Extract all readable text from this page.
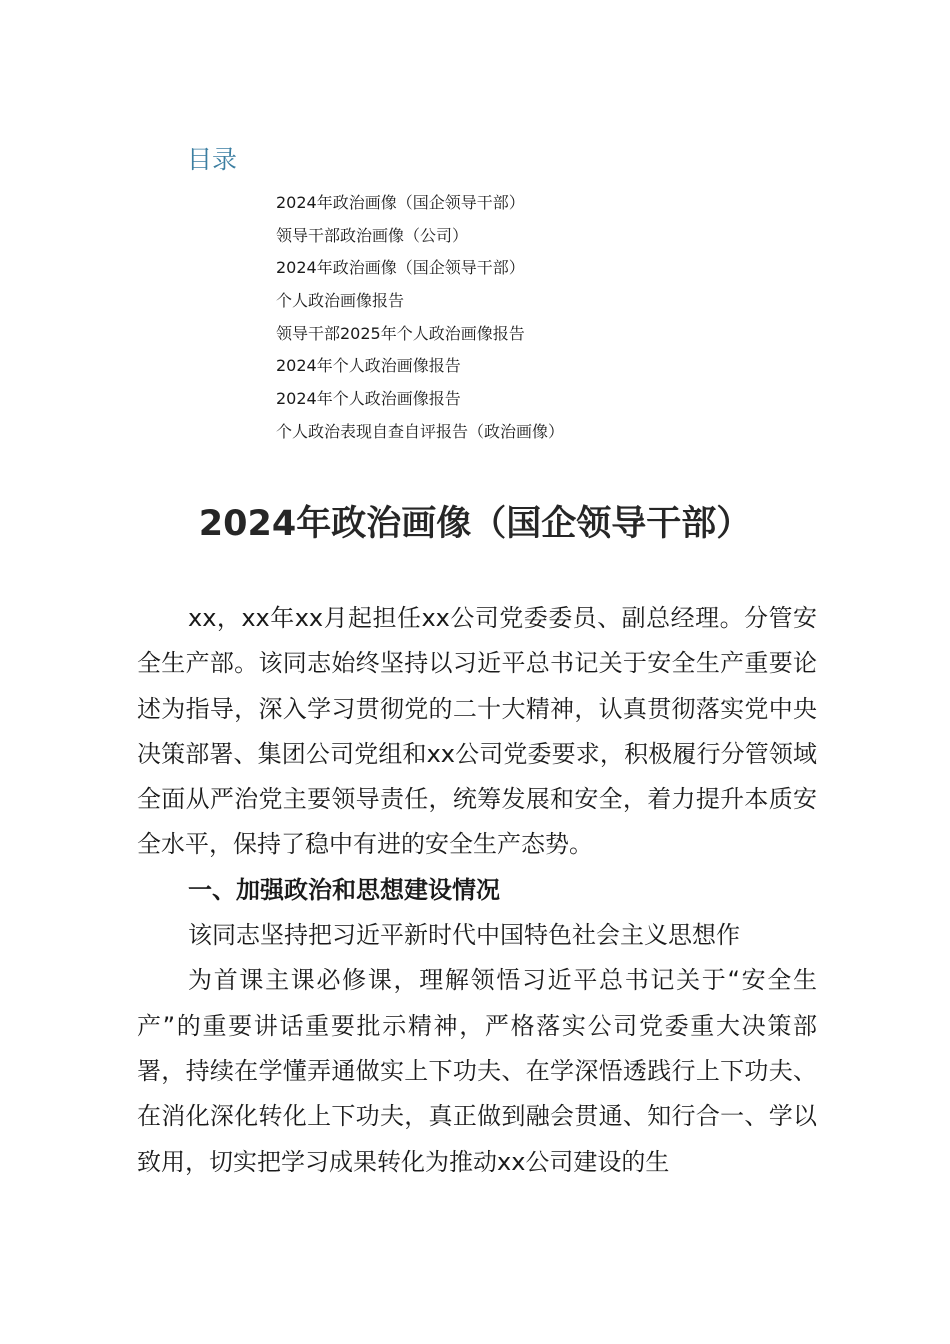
目录
2024年政治画像（国企领导干部）
领导干部政治画像（公司）
2024年政治画像（国企领导干部）
个人政治画像报告
领导干部2025年个人政治画像报告
2024年个人政治画像报告
2024年个人政治画像报告
个人政治表现自查自评报告（政治画像）
2024年政治画像（国企领导干部）

xx，xx年xx月起担任xx公司党委委员、副总经理。分管安全生产部。该同志始终坚持以习近平总书记关于安全生产重要论述为指导，深入学习贯彻党的二十大精神，认真贯彻落实党中央决策部署、集团公司党组和xx公司党委要求，积极履行分管领域全面从严治党主要领导责任，统筹发展和安全，着力提升本质安全水平，保持了稳中有进的安全生产态势。

一、加强政治和思想建设情况

该同志坚持把习近平新时代中国特色社会主义思想作

为首课主课必修课，理解领悟习近平总书记关于“安全生产”的重要讲话重要批示精神，严格落实公司党委重大决策部署，持续在学懂弄通做实上下功夫、在学深悟透践行上下功夫、在消化深化转化上下功夫，真正做到融会贯通、知行合一、学以致用，切实把学习成果转化为推动xx公司建设的生
